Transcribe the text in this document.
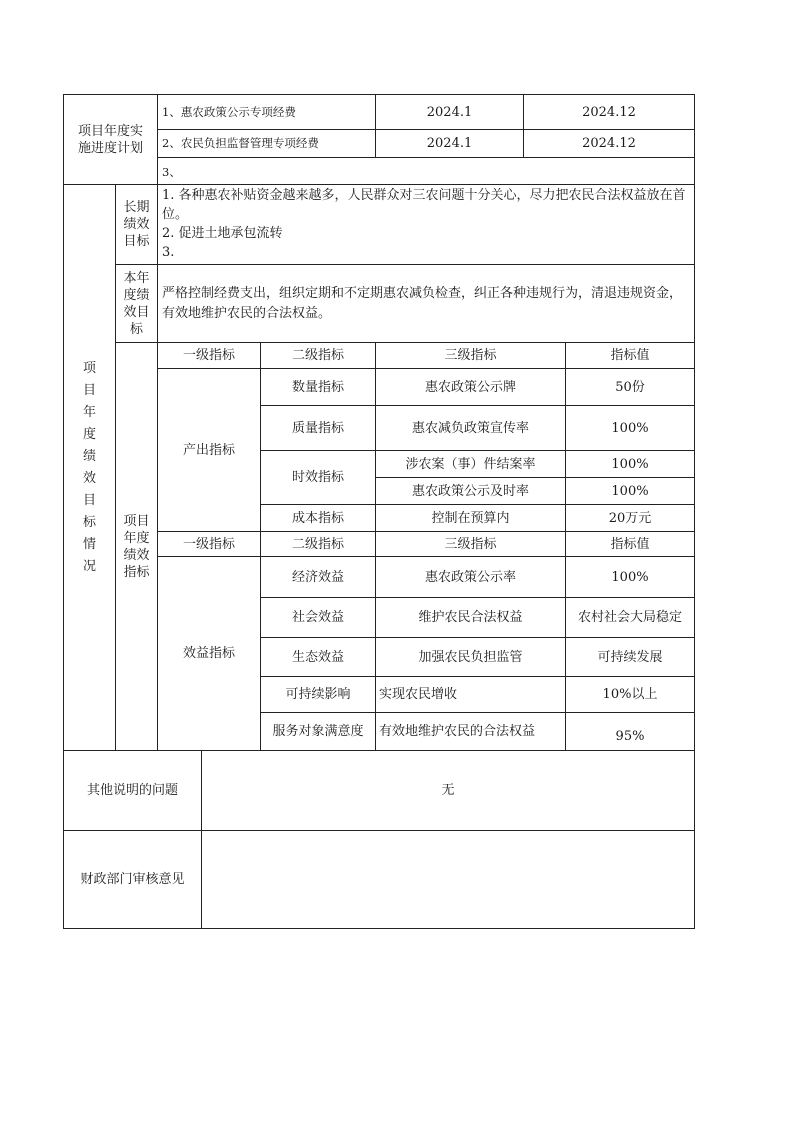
项目年度实施进度计划
1、惠农政策公示专项经费	2024.1	2024.12
2、农民负担监督管理专项经费	2024.1	2024.12
3、
项目年度绩效目标情况
长期绩效目标
1. 各种惠农补贴资金越来越多，人民群众对三农问题十分关心，尽力把农民合法权益放在首位。
2. 促进土地承包流转
3.
本年度绩效目标
严格控制经费支出，组织定期和不定期惠农减负检查，纠正各种违规行为，清退违规资金，有效地维护农民的合法权益。
项目年度绩效指标
一级指标	二级指标	三级指标	指标值
产出指标
数量指标	惠农政策公示牌	50份
质量指标	惠农减负政策宣传率	100%
时效指标
涉农案（事）件结案率	100%
惠农政策公示及时率	100%
成本指标	控制在预算内	20万元
一级指标	二级指标	三级指标	指标值
效益指标
经济效益	惠农政策公示率	100%
社会效益	维护农民合法权益	农村社会大局稳定
生态效益	加强农民负担监管	可持续发展
可持续影响	实现农民增收	10%以上
服务对象满意度	有效地维护农民的合法权益	95%
其他说明的问题	无
财政部门审核意见
